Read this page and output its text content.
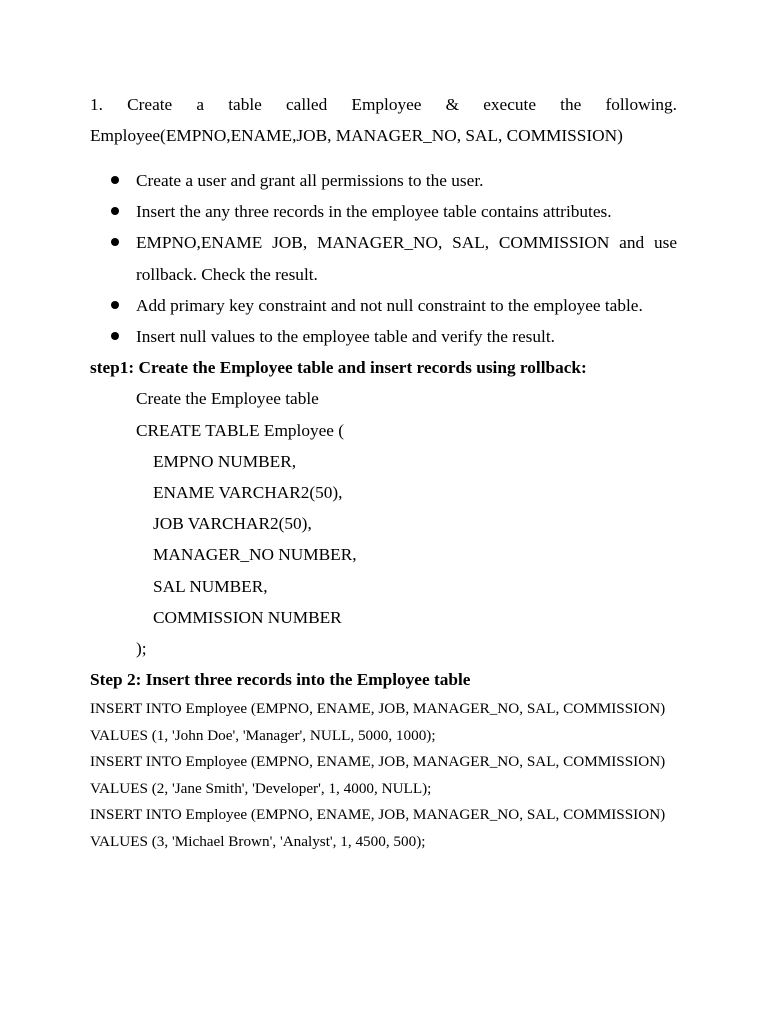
1. Create a table called Employee & execute the following.
Employee(EMPNO,ENAME,JOB, MANAGER_NO, SAL, COMMISSION)
Create a user and grant all permissions to the user.
Insert the any three records in the employee table contains attributes.
EMPNO,ENAME JOB, MANAGER_NO, SAL, COMMISSION and use
rollback. Check the result.
Add primary key constraint and not null constraint to the employee table.
Insert null values to the employee table and verify the result.
step1: Create the Employee table and insert records using rollback:
Create the Employee table
CREATE TABLE Employee (
EMPNO NUMBER,
ENAME VARCHAR2(50),
JOB VARCHAR2(50),
MANAGER_NO NUMBER,
SAL NUMBER,
COMMISSION NUMBER
);
Step 2: Insert three records into the Employee table
INSERT INTO Employee (EMPNO, ENAME, JOB, MANAGER_NO, SAL, COMMISSION)
VALUES (1, 'John Doe', 'Manager', NULL, 5000, 1000);
INSERT INTO Employee (EMPNO, ENAME, JOB, MANAGER_NO, SAL, COMMISSION)
VALUES (2, 'Jane Smith', 'Developer', 1, 4000, NULL);
INSERT INTO Employee (EMPNO, ENAME, JOB, MANAGER_NO, SAL, COMMISSION)
VALUES (3, 'Michael Brown', 'Analyst', 1, 4500, 500);
